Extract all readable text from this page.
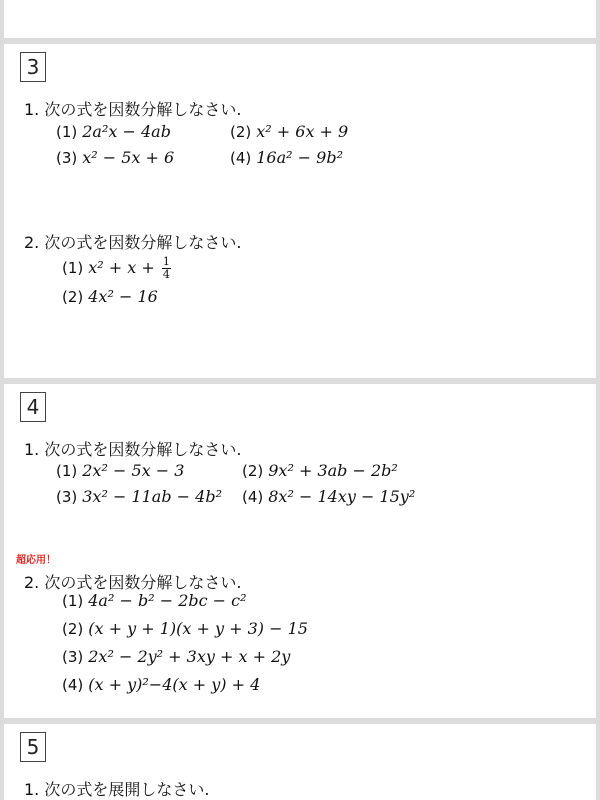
3
1. 次の式を因数分解しなさい.
(1) 2a²x − 4ab	(2) x² + 6x + 9
(3) x² − 5x + 6	(4) 16a² − 9b²
2. 次の式を因数分解しなさい.
(1) $x^2 + x + \frac{1}{4}$
(2) 4x² − 16
4
1. 次の式を因数分解しなさい.
(1) 2x² − 5x − 3	(2) 9x² + 3ab − 2b²
(3) 3x² − 11ab − 4b² (4) 8x² − 14xy − 15y²
超応用！
2. 次の式を因数分解しなさい.
(1) 4a² − b² − 2bc − c²
(2) (x + y + 1)(x + y + 3) − 15
(3) 2x² − 2y² + 3xy + x + 2y
(4) (x + y)²−4(x + y) + 4
5
1. 次の式を展開しなさい.
